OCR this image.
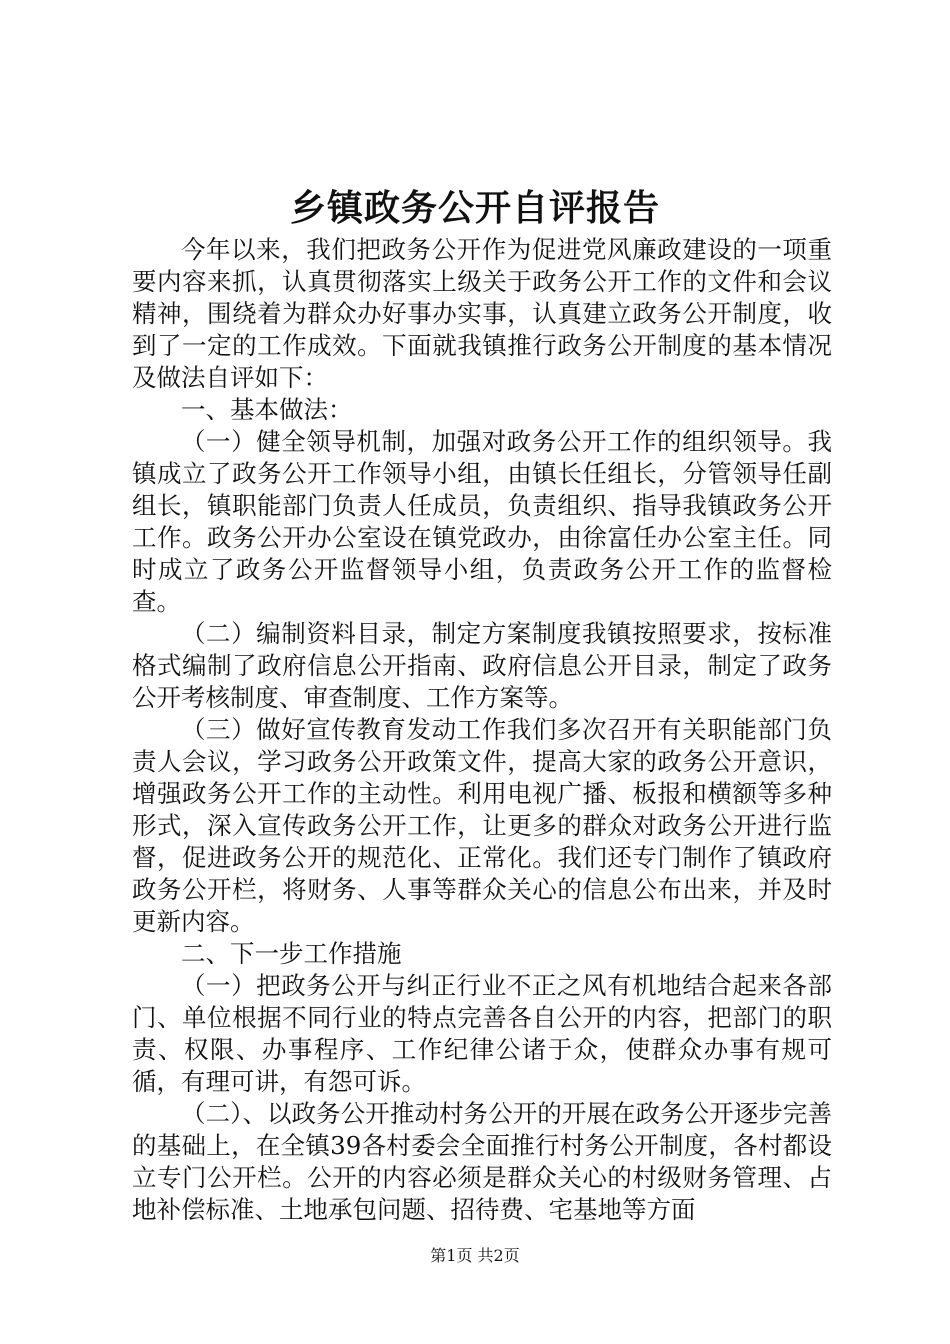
乡镇政务公开自评报告

今年以来，我们把政务公开作为促进党风廉政建设的一项重要内容来抓，认真贯彻落实上级关于政务公开工作的文件和会议精神，围绕着为群众办好事办实事，认真建立政务公开制度，收到了一定的工作成效。下面就我镇推行政务公开制度的基本情况及做法自评如下：

一、基本做法：

（一）健全领导机制，加强对政务公开工作的组织领导。我镇成立了政务公开工作领导小组，由镇长任组长，分管领导任副组长，镇职能部门负责人任成员，负责组织、指导我镇政务公开工作。政务公开办公室设在镇党政办，由徐富任办公室主任。同时成立了政务公开监督领导小组，负责政务公开工作的监督检查。

（二）编制资料目录，制定方案制度我镇按照要求，按标准格式编制了政府信息公开指南、政府信息公开目录，制定了政务公开考核制度、审查制度、工作方案等。

（三）做好宣传教育发动工作我们多次召开有关职能部门负责人会议，学习政务公开政策文件，提高大家的政务公开意识，增强政务公开工作的主动性。利用电视广播、板报和横额等多种形式，深入宣传政务公开工作，让更多的群众对政务公开进行监督，促进政务公开的规范化、正常化。我们还专门制作了镇政府政务公开栏，将财务、人事等群众关心的信息公布出来，并及时更新内容。

二、下一步工作措施

（一）把政务公开与纠正行业不正之风有机地结合起来各部门、单位根据不同行业的特点完善各自公开的内容，把部门的职责、权限、办事程序、工作纪律公诸于众，使群众办事有规可循，有理可讲，有怨可诉。

（二）、以政务公开推动村务公开的开展在政务公开逐步完善的基础上，在全镇39各村委会全面推行村务公开制度，各村都设立专门公开栏。公开的内容必须是群众关心的村级财务管理、占地补偿标准、土地承包问题、招待费、宅基地等方面

第1页 共2页
